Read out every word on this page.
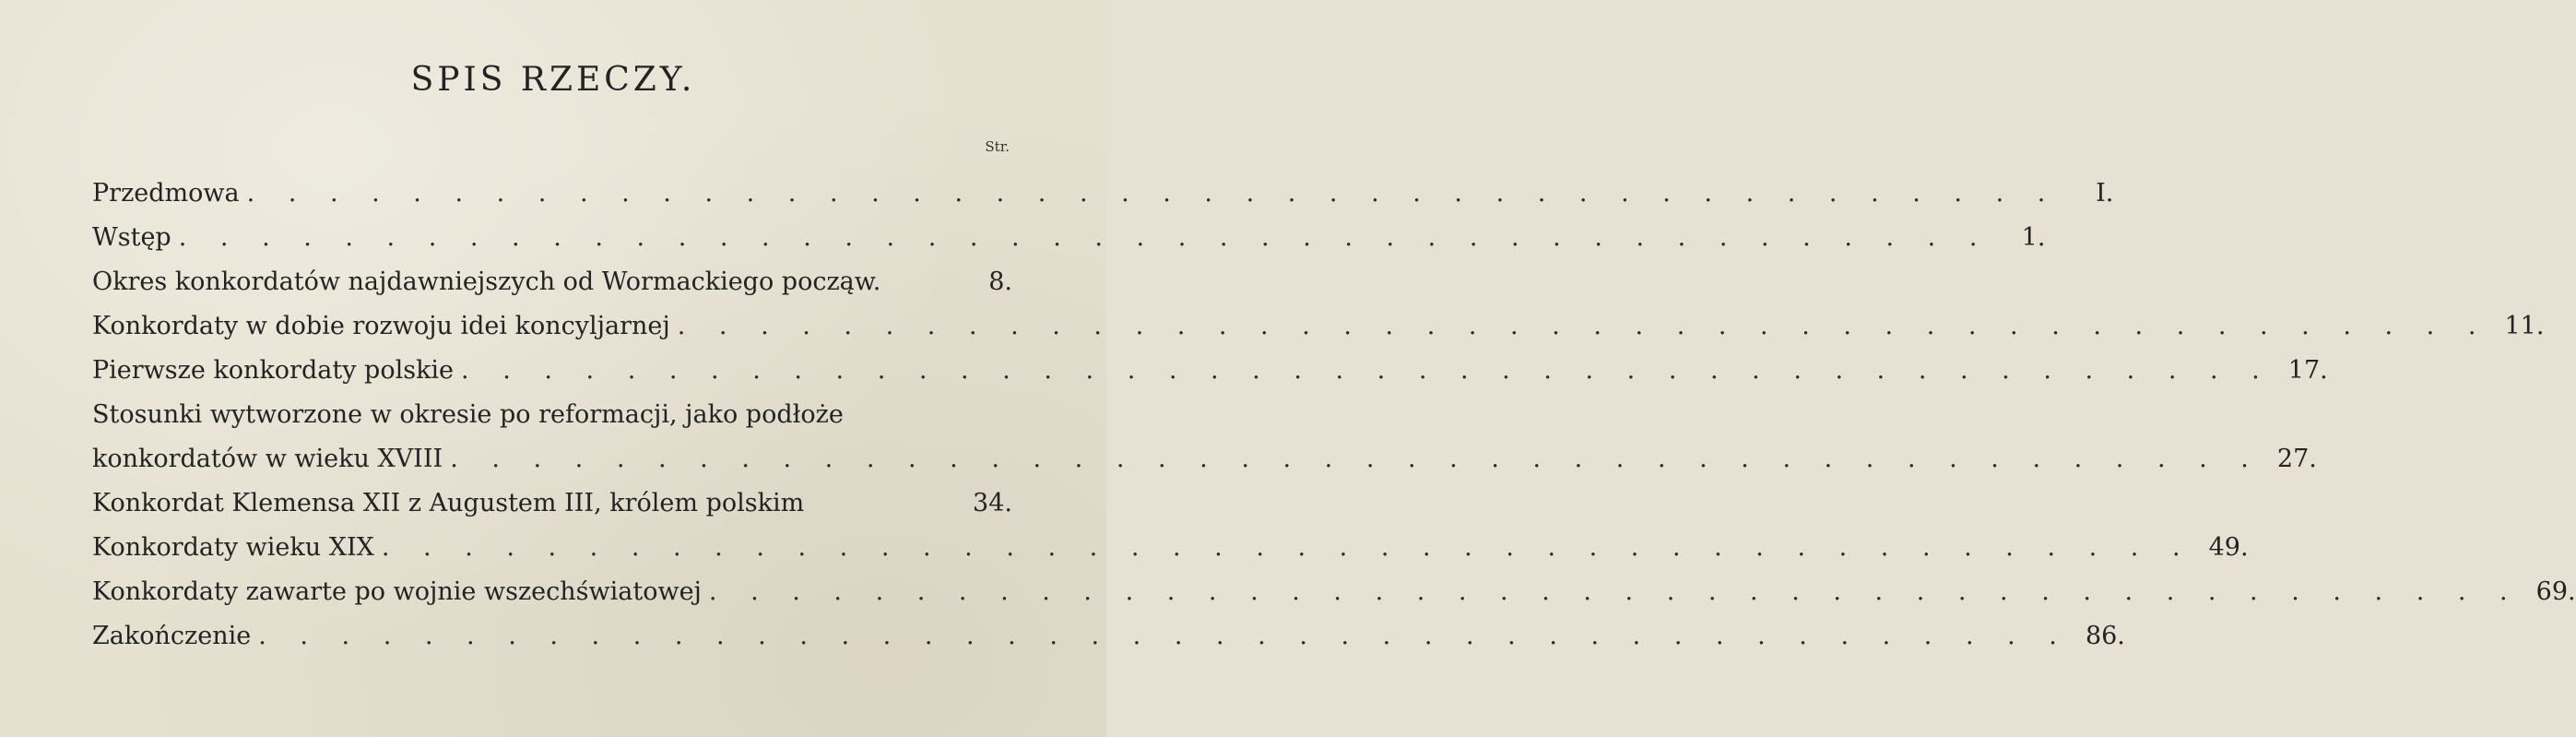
SPIS RZECZY.
Str.
Przedmowa . . . . . . . . . . . . . . . . . . . . . . . . . . . . . . . . . . . . . . . . . . . .	I.
Wstęp . . . . . . . . . . . . . . . . . . . . . . . . . . . . . . . . . . . . . . . . . . . .	1.
Okres konkordatów najdawniejszych od Wormackiego począw.	8.
Konkordaty w dobie rozwoju idei koncyljarnej . . . . . . . . . . . . . . . . . . . . . . . . . . . . . . . . . . . . . . . . . . . . 11.
Pierwsze konkordaty polskie . . . . . . . . . . . . . . . . . . . . . . . . . . . . . . . . . . . . . . . . . . . . 17.
Stosunki wytworzone w okresie po reformacji, jako podłoże
konkordatów w wieku XVIII . . . . . . . . . . . . . . . . . . . . . . . . . . . . . . . . . . . . . . . . . . . . 27.
Konkordat Klemensa XII z Augustem III, królem polskim	34.
Konkordaty wieku XIX . . . . . . . . . . . . . . . . . . . . . . . . . . . . . . . . . . . . . . . . . . . . 49.
Konkordaty zawarte po wojnie wszechświatowej . . . . . . . . . . . . . . . . . . . . . . . . . . . . . . . . . . . . . . . . . . . . 69.
Zakończenie . . . . . . . . . . . . . . . . . . . . . . . . . . . . . . . . . . . . . . . . . . . . 86.
